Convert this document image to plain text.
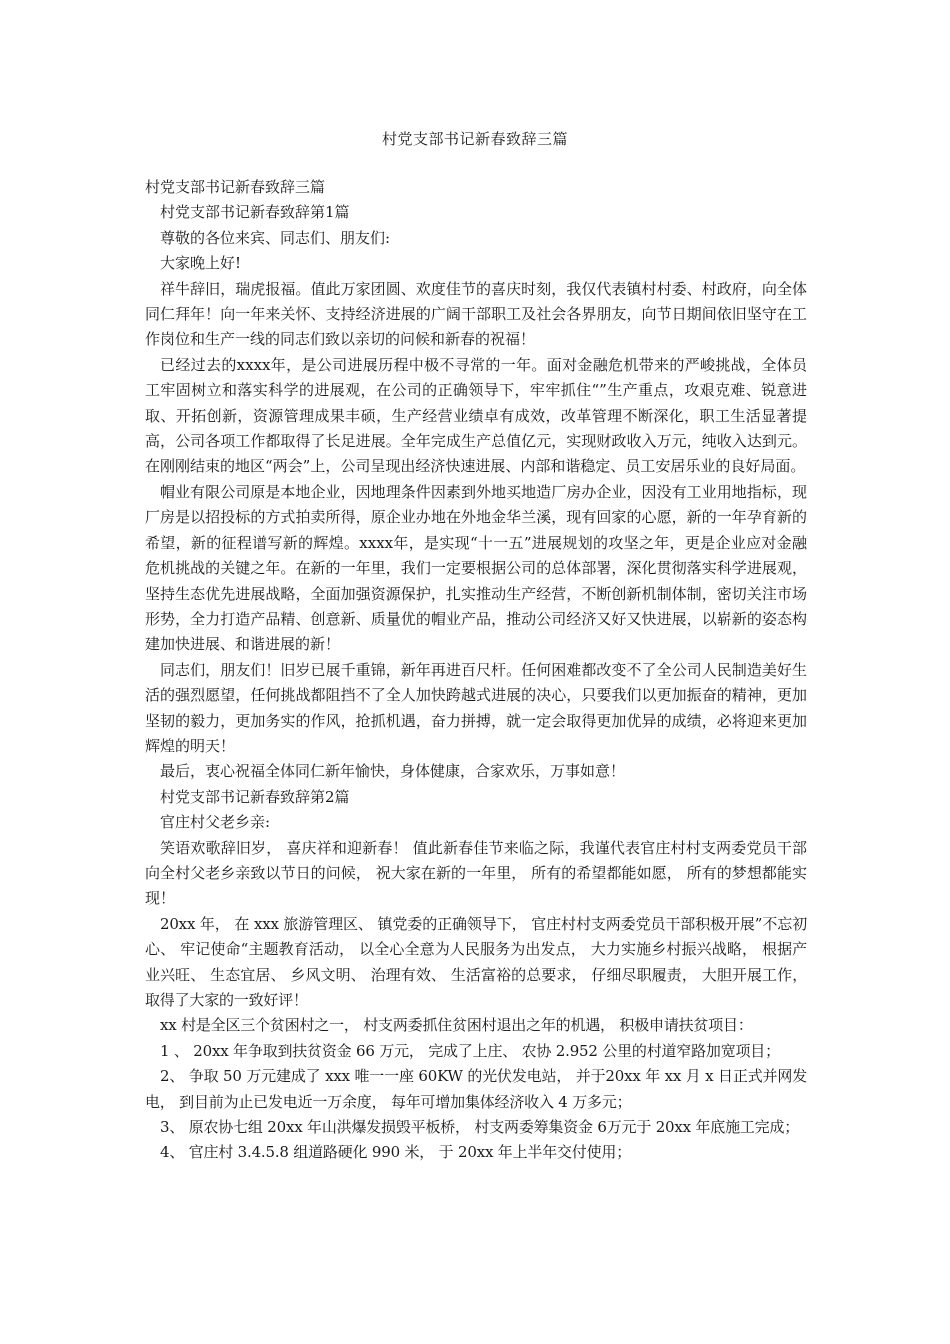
村党支部书记新春致辞三篇

村党支部书记新春致辞三篇

村党支部书记新春致辞第1篇

尊敬的各位来宾、同志们、朋友们:

大家晚上好!

祥牛辞旧，瑞虎报福。值此万家团圆、欢度佳节的喜庆时刻，我仅代表镇村村委、村政府，向全体同仁拜年！向一年来关怀、支持经济进展的广阔干部职工及社会各界朋友，向节日期间依旧坚守在工作岗位和生产一线的同志们致以亲切的问候和新春的祝福！

已经过去的xxxx年，是公司进展历程中极不寻常的一年。面对金融危机带来的严峻挑战，全体员工牢固树立和落实科学的进展观，在公司的正确领导下，牢牢抓住“”生产重点，攻艰克难、锐意进取、开拓创新，资源管理成果丰硕，生产经营业绩卓有成效，改革管理不断深化，职工生活显著提高，公司各项工作都取得了长足进展。全年完成生产总值亿元，实现财政收入万元，纯收入达到元。在刚刚结束的地区“两会”上，公司呈现出经济快速进展、内部和谐稳定、员工安居乐业的良好局面。

帽业有限公司原是本地企业，因地理条件因素到外地买地造厂房办企业，因没有工业用地指标，现厂房是以招投标的方式拍卖所得，原企业办地在外地金华兰溪，现有回家的心愿，新的一年孕育新的希望，新的征程谱写新的辉煌。xxxx年，是实现“十一五”进展规划的攻坚之年，更是企业应对金融危机挑战的关键之年。在新的一年里，我们一定要根据公司的总体部署，深化贯彻落实科学进展观，坚持生态优先进展战略，全面加强资源保护，扎实推动生产经营，不断创新机制体制，密切关注市场形势，全力打造产品精、创意新、质量优的帽业产品，推动公司经济又好又快进展，以崭新的姿态构建加快进展、和谐进展的新！

同志们，朋友们！旧岁已展千重锦，新年再进百尺杆。任何困难都改变不了全公司人民制造美好生活的强烈愿望，任何挑战都阻挡不了全人加快跨越式进展的决心，只要我们以更加振奋的精神，更加坚韧的毅力，更加务实的作风，抢抓机遇，奋力拼搏，就一定会取得更加优异的成绩，必将迎来更加辉煌的明天！

最后，衷心祝福全体同仁新年愉快，身体健康，合家欢乐，万事如意！

村党支部书记新春致辞第2篇

官庄村父老乡亲:

笑语欢歌辞旧岁， 喜庆祥和迎新春！ 值此新春佳节来临之际，我谨代表官庄村村支两委党员干部向全村父老乡亲致以节日的问候， 祝大家在新的一年里， 所有的希望都能如愿， 所有的梦想都能实现！

20xx 年， 在 xxx 旅游管理区、 镇党委的正确领导下， 官庄村村支两委党员干部积极开展”不忘初心、 牢记使命“主题教育活动， 以全心全意为人民服务为出发点， 大力实施乡村振兴战略， 根据产业兴旺、 生态宜居、 乡风文明、 治理有效、 生活富裕的总要求， 仔细尽职履责， 大胆开展工作， 取得了大家的一致好评！

xx 村是全区三个贫困村之一， 村支两委抓住贫困村退出之年的机遇， 积极申请扶贫项目：

1 、 20xx 年争取到扶贫资金 66 万元， 完成了上庄、 农协 2.952 公里的村道窄路加宽项目；

2、 争取 50 万元建成了 xxx 唯一一座 60KW 的光伏发电站， 并于20xx 年 xx 月 x 日正式并网发电， 到目前为止已发电近一万余度， 每年可增加集体经济收入 4 万多元；

3、 原农协七组 20xx 年山洪爆发损毁平板桥， 村支两委筹集资金 6万元于 20xx 年底施工完成；

4、 官庄村 3.4.5.8 组道路硬化 990 米， 于 20xx 年上半年交付使用；
